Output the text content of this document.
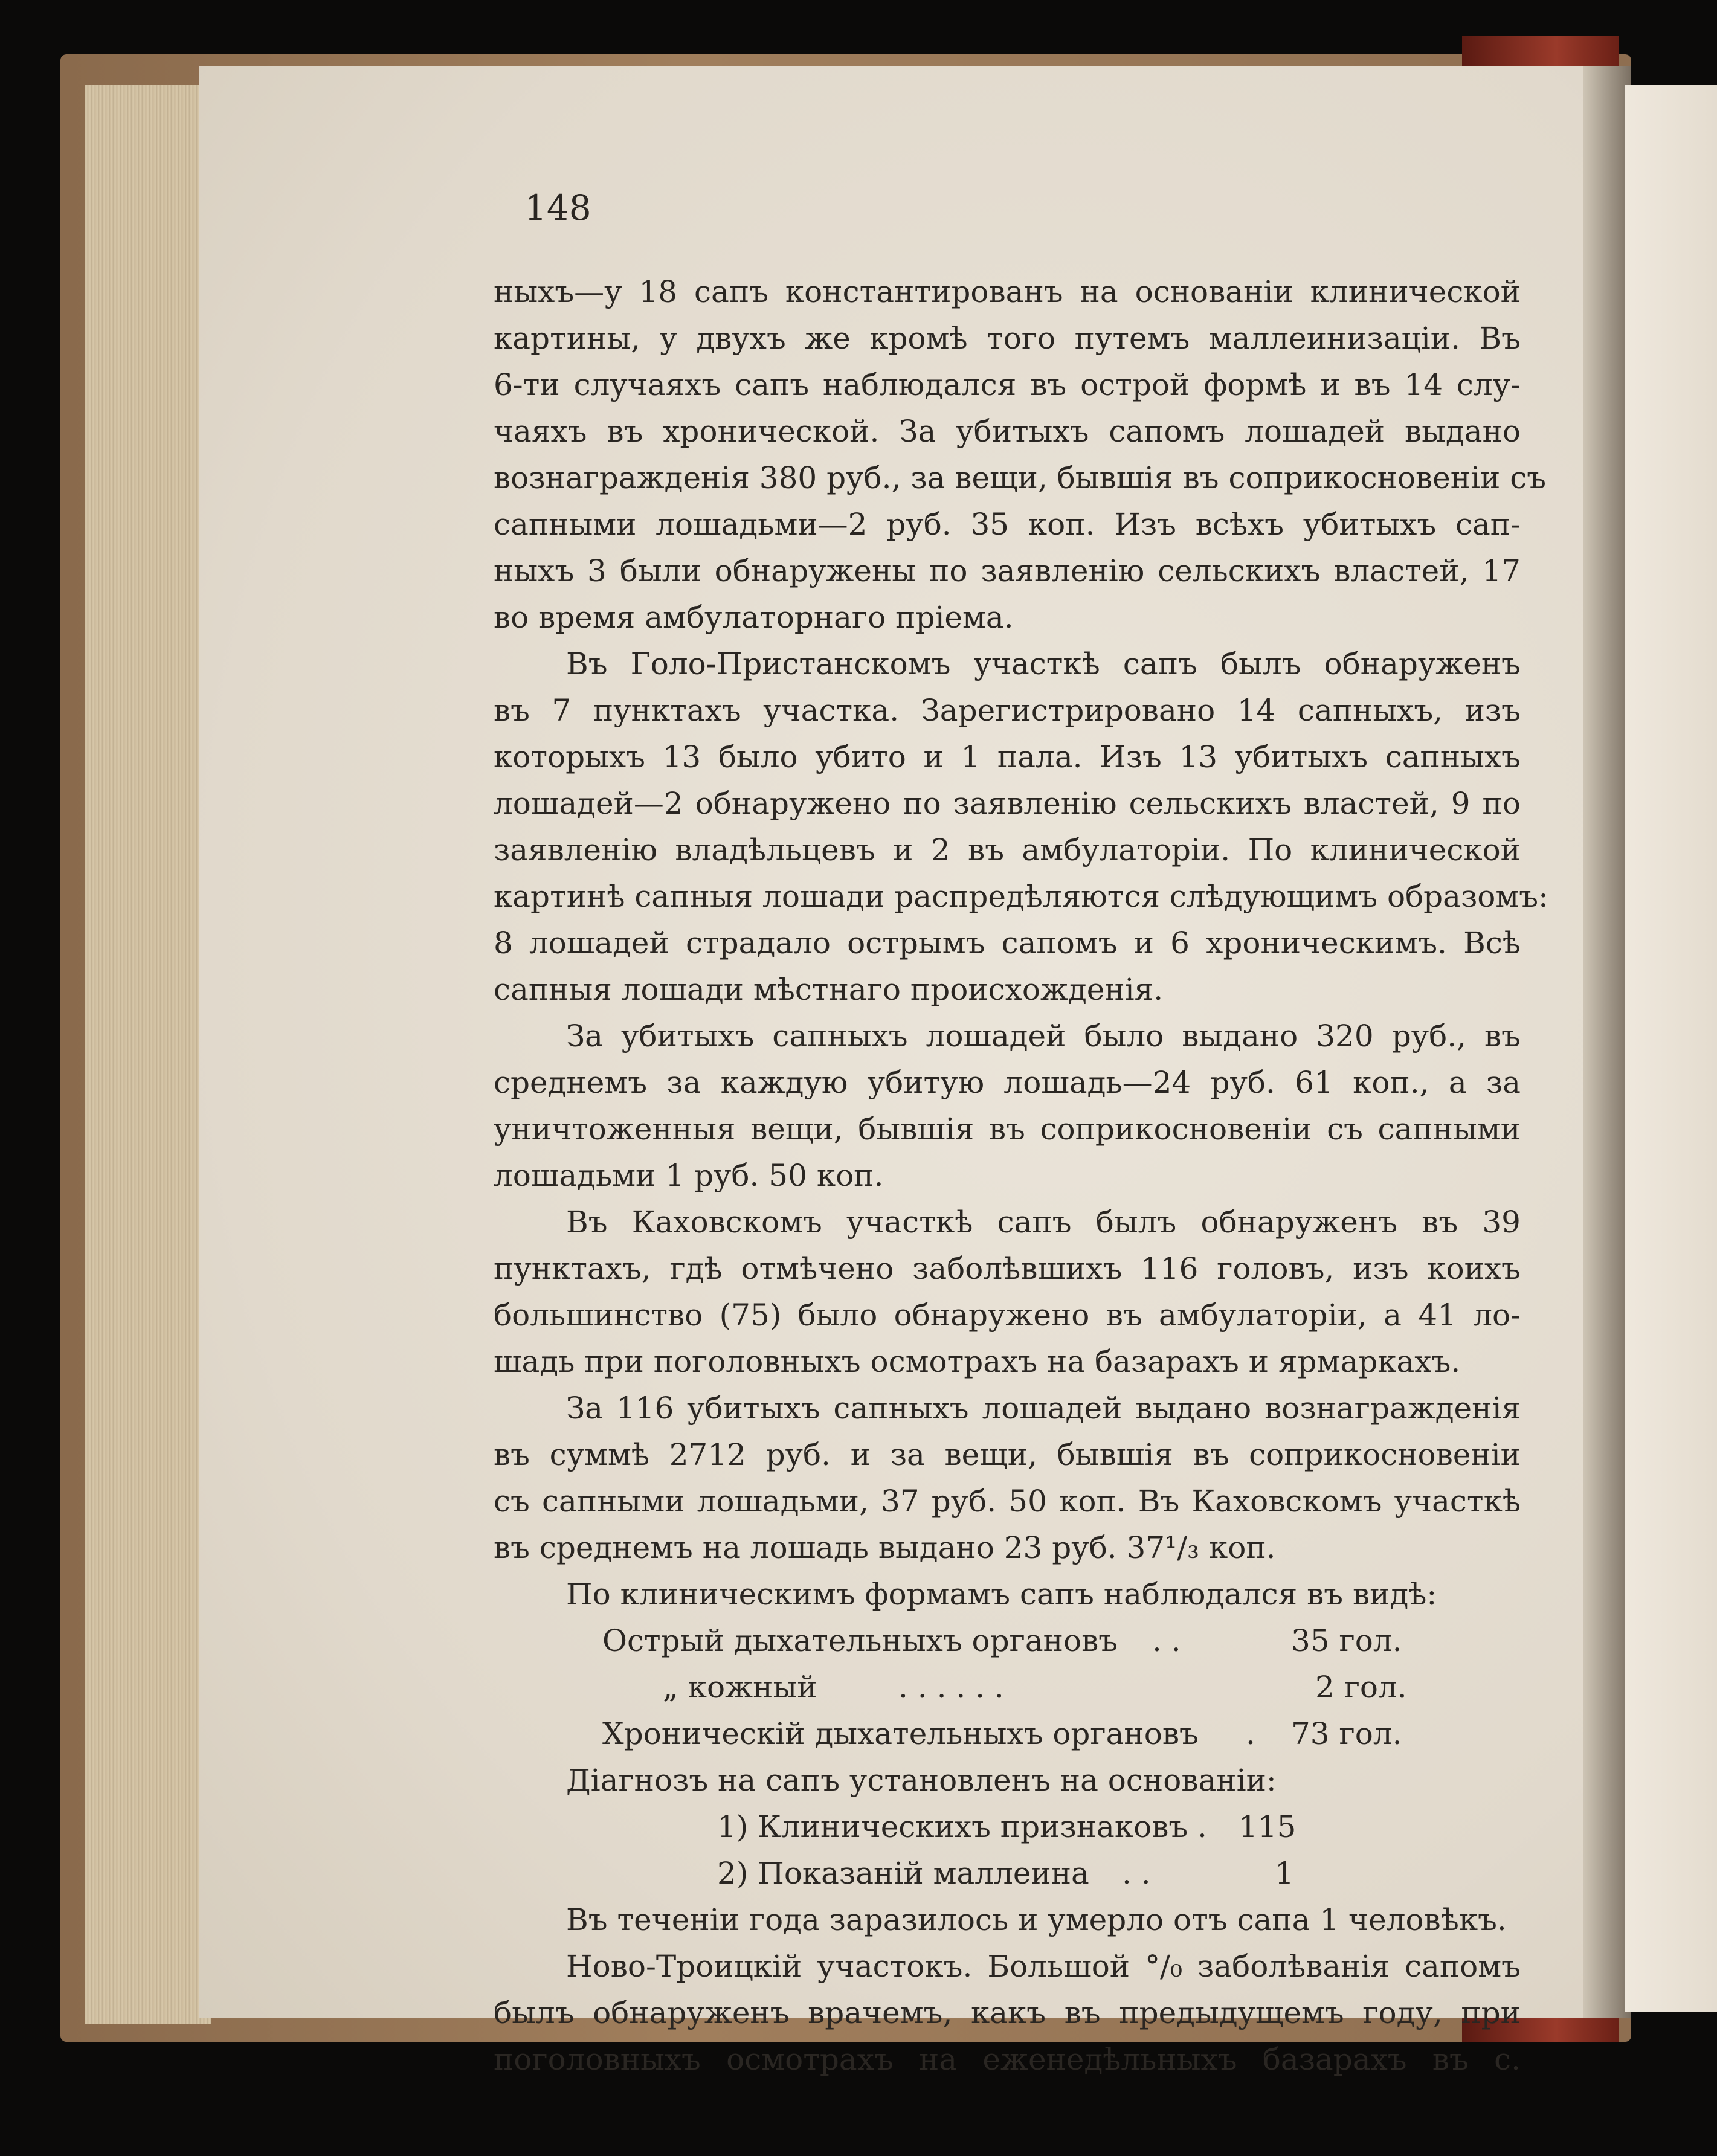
148
ныхъ—у 18 сапъ константированъ на основаніи клинической
картины, у двухъ же кромѣ того путемъ маллеинизаціи. Въ
6-ти случаяхъ сапъ наблюдался въ острой формѣ и въ 14 слу-
чаяхъ въ хронической. За убитыхъ сапомъ лошадей выдано
вознагражденія 380 руб., за вещи, бывшія въ соприкосновеніи съ
сапными лошадьми—2 руб. 35 коп. Изъ всѣхъ убитыхъ сап-
ныхъ 3 были обнаружены по заявленію сельскихъ властей, 17
во время амбулаторнаго пріема.
Въ Голо-Пристанскомъ участкѣ сапъ былъ обнаруженъ
въ 7 пунктахъ участка. Зарегистрировано 14 сапныхъ, изъ
которыхъ 13 было убито и 1 пала. Изъ 13 убитыхъ сапныхъ
лошадей—2 обнаружено по заявленію сельскихъ властей, 9 по
заявленію владѣльцевъ и 2 въ амбулаторіи. По клинической
картинѣ сапныя лошади распредѣляются слѣдующимъ образомъ:
8 лошадей страдало острымъ сапомъ и 6 хроническимъ. Всѣ
сапныя лошади мѣстнаго происхожденія.
За убитыхъ сапныхъ лошадей было выдано 320 руб., въ
среднемъ за каждую убитую лошадь—24 руб. 61 коп., а за
уничтоженныя вещи, бывшія въ соприкосновеніи съ сапными
лошадьми 1 руб. 50 коп.
Въ Каховскомъ участкѣ сапъ былъ обнаруженъ въ 39
пунктахъ, гдѣ отмѣчено заболѣвшихъ 116 головъ, изъ коихъ
большинство (75) было обнаружено въ амбулаторіи, а 41 ло-
шадь при поголовныхъ осмотрахъ на базарахъ и ярмаркахъ.
За 116 убитыхъ сапныхъ лошадей выдано вознагражденія
въ суммѣ 2712 руб. и за вещи, бывшія въ соприкосновеніи
съ сапными лошадьми, 37 руб. 50 коп. Въ Каховскомъ участкѣ
въ среднемъ на лошадь выдано 23 руб. 37¹/₃ коп.
По клиническимъ формамъ сапъ наблюдался въ видѣ:
Острый дыхательныхъ органовъ . .	35 гол.
„ кожный	. . . . . .	2 гол.
Хроническій дыхательныхъ органовъ . 73 гол.
Діагнозъ на сапъ установленъ на основаніи:
1) Клиническихъ признаковъ . 115
2) Показаній маллеина . .	1
Въ теченіи года заразилось и умерло отъ сапа 1 человѣкъ.
Ново-Троицкій участокъ. Большой °/₀ заболѣванія сапомъ
былъ обнаруженъ врачемъ, какъ въ предыдущемъ году, при
поголовныхъ осмотрахъ на еженедѣльныхъ базарахъ въ с.
